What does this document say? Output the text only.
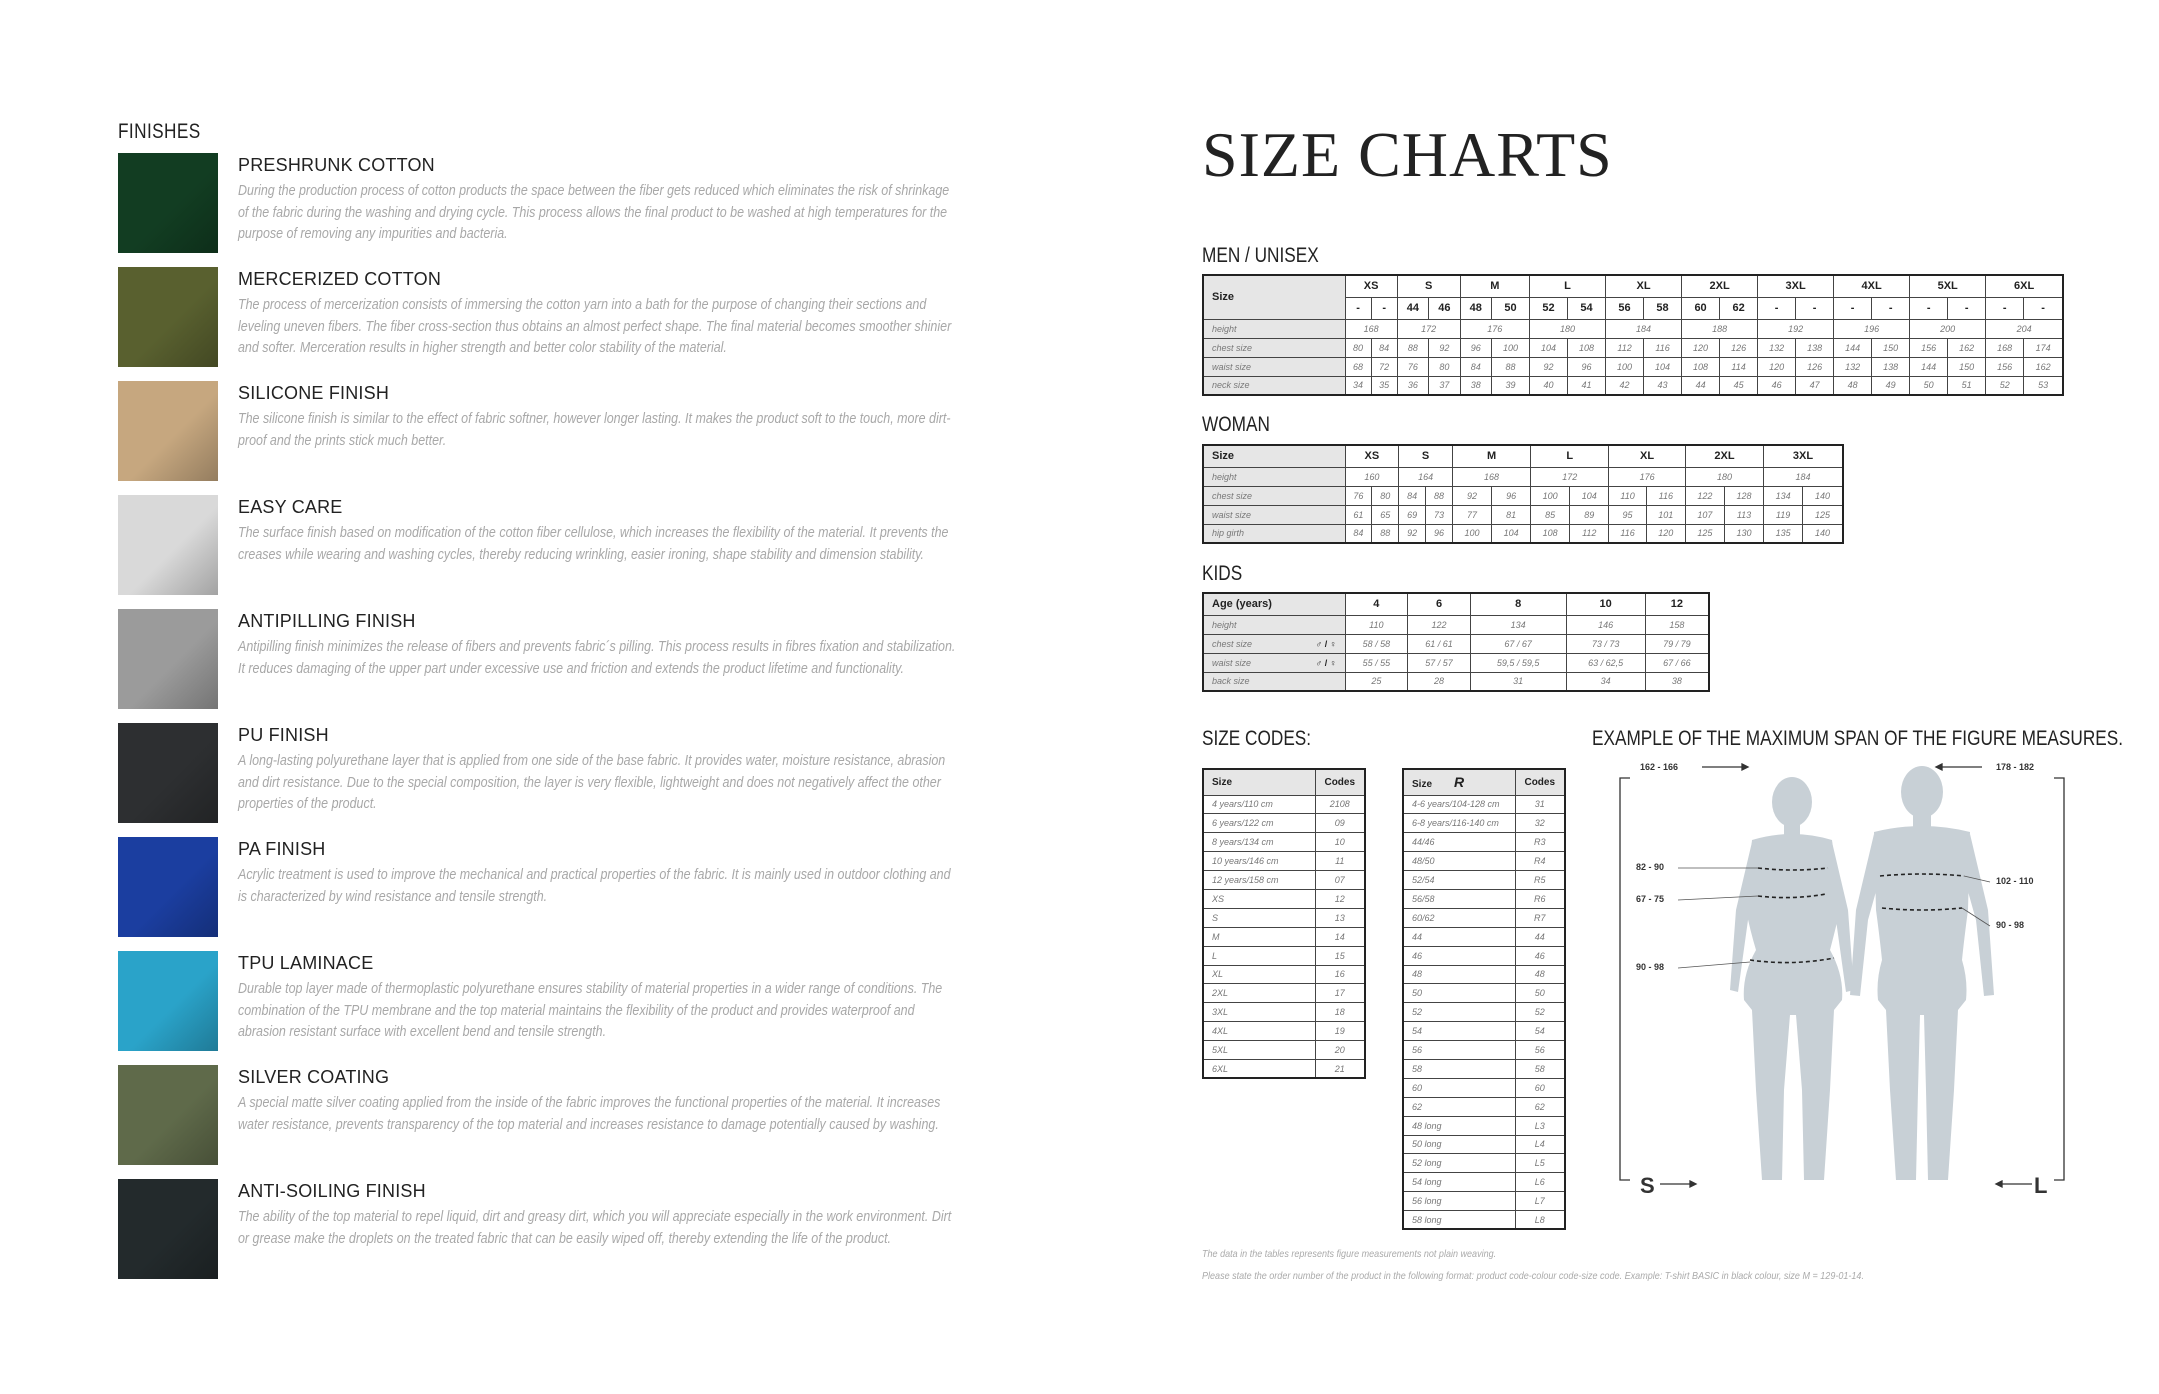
FINISHES
PRESHRUNK COTTON
During the production process of cotton products the space between the fiber gets reduced which eliminates the risk of shrinkage of the fabric during the washing and drying cycle. This process allows the final product to be washed at high temperatures for the purpose of removing any impurities and bacteria.
MERCERIZED COTTON
The process of mercerization consists of immersing the cotton yarn into a bath for the purpose of changing their sections and leveling uneven fibers. The fiber cross-section thus obtains an almost perfect shape. The final material becomes smoother shinier and softer. Merceration results in higher strength and better color stability of the material.
SILICONE FINISH
The silicone finish is similar to the effect of fabric softner, however longer lasting. It makes the product soft to the touch, more dirt-proof and the prints stick much better.
EASY CARE
The surface finish based on modification of the cotton fiber cellulose, which increases the flexibility of the material. It prevents the creases while wearing and washing cycles, thereby reducing wrinkling, easier ironing, shape stability and dimension stability.
ANTIPILLING FINISH
Antipilling finish minimizes the release of fibers and prevents fabric´s pilling. This process results in fibres fixation and stabilization. It reduces damaging of the upper part under excessive use and friction and extends the product lifetime and functionality.
PU FINISH
A long-lasting polyurethane layer that is applied from one side of the base fabric. It provides water, moisture resistance, abrasion and dirt resistance. Due to the special composition, the layer is very flexible, lightweight and does not negatively affect the other properties of the product.
PA FINISH
Acrylic treatment is used to improve the mechanical and practical properties of the fabric. It is mainly used in outdoor clothing and is characterized by wind resistance and tensile strength.
TPU LAMINACE
Durable top layer made of thermoplastic polyurethane ensures stability of material properties in a wider range of conditions. The combination of the TPU membrane and the top material maintains the flexibility of the product and provides waterproof and abrasion resistant surface with excellent bend and tensile strength.
SILVER COATING
A special matte silver coating applied from the inside of the fabric improves the functional properties of the material. It increases water resistance, prevents transparency of the top material and increases resistance to damage potentially caused by washing.
ANTI-SOILING FINISH
The ability of the top material to repel liquid, dirt and greasy dirt, which you will appreciate especially in the work environment. Dirt or grease make the droplets on the treated fabric that can be easily wiped off, thereby extending the life of the product.
SIZE CHARTS
MEN / UNISEX
Size	XS		S		M		L		XL		2XL		3XL		4XL		5XL		6XL	
	-	-	44	46	48	50	52	54	56	58	60	62	-	-	-	-	-	-	-	-
height	168		172		176		180		184		188		192		196		200		204	
chest size	80	84	88	92	96	100	104	108	112	116	120	126	132	138	144	150	156	162	168	174
waist size	68	72	76	80	84	88	92	96	100	104	108	114	120	126	132	138	144	150	156	162
neck size	34	35	36	37	38	39	40	41	42	43	44	45	46	47	48	49	50	51	52	53
WOMAN
Size	XS		S		M		L		XL		2XL		3XL	
height	160		164		168		172		176		180		184	
chest size	76	80	84	88	92	96	100	104	110	116	122	128	134	140
waist size	61	65	69	73	77	81	85	89	95	101	107	113	119	125
hip girth	84	88	92	96	100	104	108	112	116	120	125	130	135	140
KIDS
Age (years)	4	6	8	10	12
height	110	122	134	146	158
chest size ♂ / ♀	58 / 58	61 / 61	67 / 67	73 / 73	79 / 79
waist size ♂ / ♀	55 / 55	57 / 57	59,5 / 59,5	63 / 62,5	67 / 66
back size	25	28	31	34	38
SIZE CODES:
Size	Codes
4 years/110 cm	2108
6 years/122 cm	09
8 years/134 cm	10
10 years/146 cm	11
12 years/158 cm	07
XS	12
S	13
M	14
L	15
XL	16
2XL	17
3XL	18
4XL	19
5XL	20
6XL	21
Size R	Codes
4-6 years/104-128 cm	31
6-8 years/116-140 cm	32
44/46	R3
48/50	R4
52/54	R5
56/58	R6
60/62	R7
44	44
46	46
48	48
50	50
52	52
54	54
56	56
58	58
60	60
62	62
48 long	L3
50 long	L4
52 long	L5
54 long	L6
56 long	L7
58 long	L8
EXAMPLE OF THE MAXIMUM SPAN OF THE FIGURE MEASURES.
162 - 166	178 - 182
82 - 90
67 - 75
90 - 98
102 - 110
90 - 98
S	L
The data in the tables represents figure measurements not plain weaving.
Please state the order number of the product in the following format: product code-colour code-size code. Example: T-shirt BASIC in black colour, size M = 129-01-14.
